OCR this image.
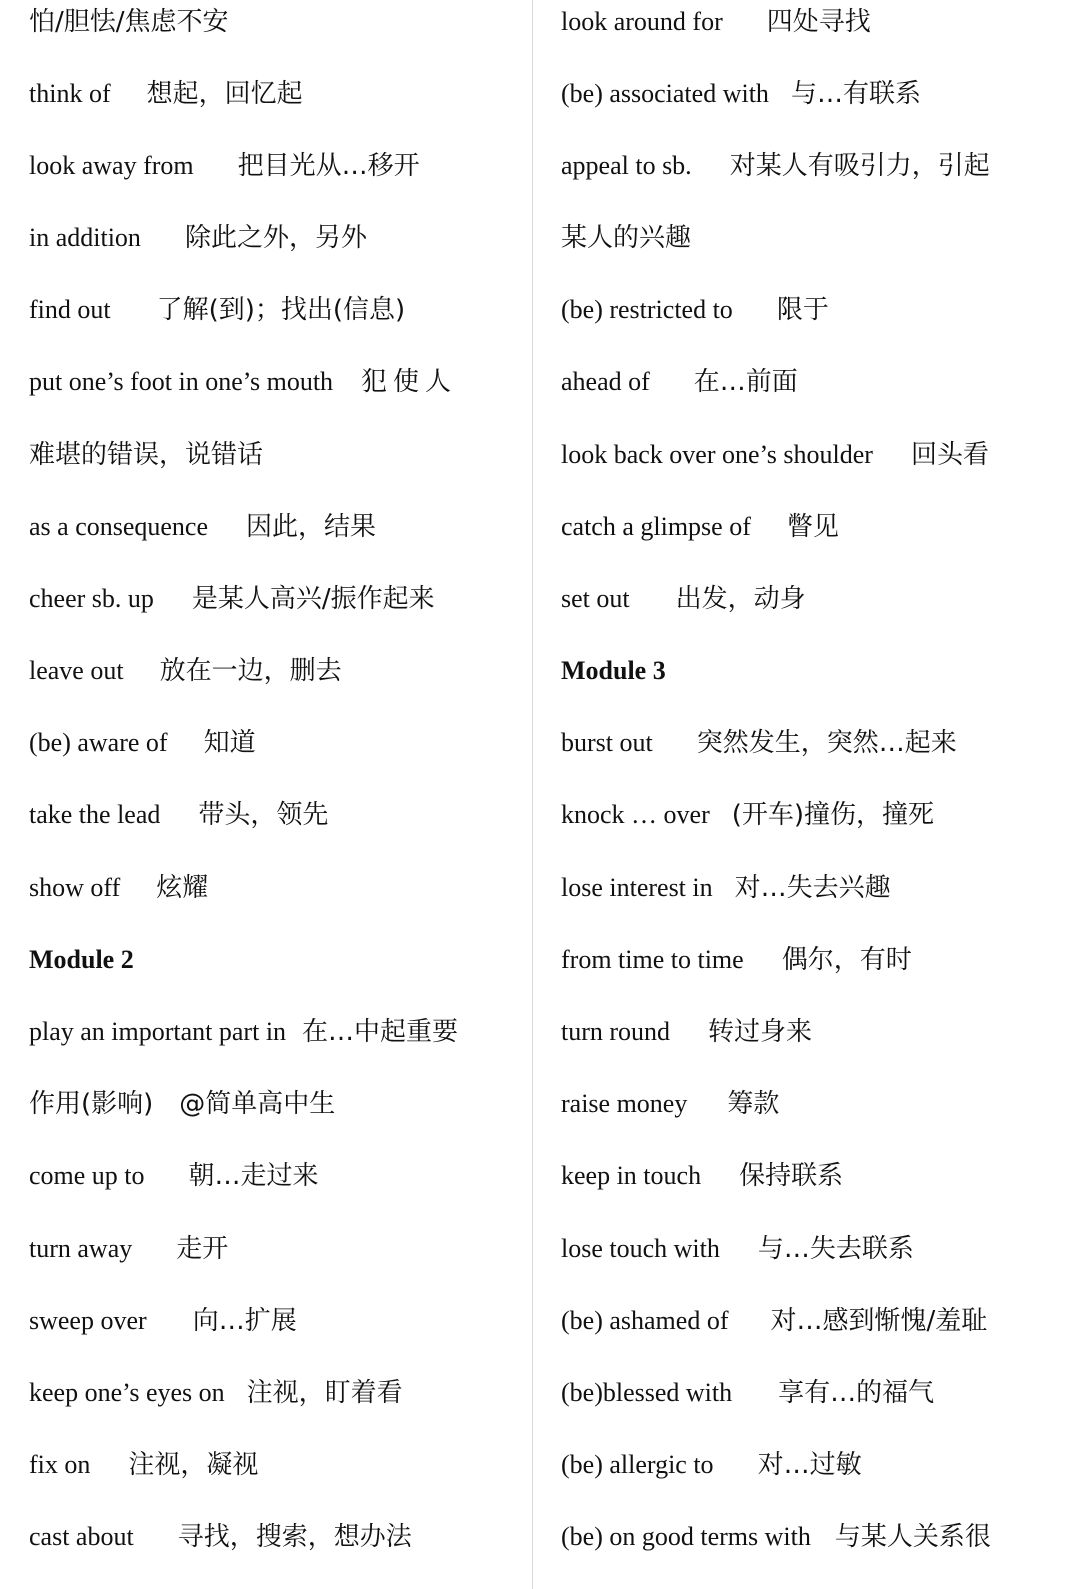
怕/胆怯/焦虑不安
think of 想起，回忆起
look away from 把目光从…移开
in addition 除此之外，另外
find out 了解(到)；找出(信息)
put one’s foot in one’s mouth 犯使人
难堪的错误，说错话
as a consequence 因此，结果
cheer sb. up 是某人高兴/振作起来
leave out 放在一边，删去
(be) aware of 知道
take the lead 带头，领先
show off 炫耀
Module 2
play an important part in 在…中起重要
作用(影响)　@简单高中生
come up to 朝…走过来
turn away 走开
sweep over 向…扩展
keep one’s eyes on 注视，盯着看
fix on 注视，凝视
cast about 寻找，搜索，想办法
look around for 四处寻找
(be) associated with 与…有联系
appeal to sb. 对某人有吸引力，引起
某人的兴趣
(be) restricted to 限于
ahead of 在…前面
look back over one’s shoulder 回头看
catch a glimpse of 瞥见
set out 出发，动身
Module 3
burst out 突然发生，突然…起来
knock … over (开车)撞伤，撞死
lose interest in 对…失去兴趣
from time to time 偶尔，有时
turn round 转过身来
raise money 筹款
keep in touch 保持联系
lose touch with 与…失去联系
(be) ashamed of 对…感到惭愧/羞耻
(be)blessed with 享有…的福气
(be) allergic to 对…过敏
(be) on good terms with 与某人关系很
